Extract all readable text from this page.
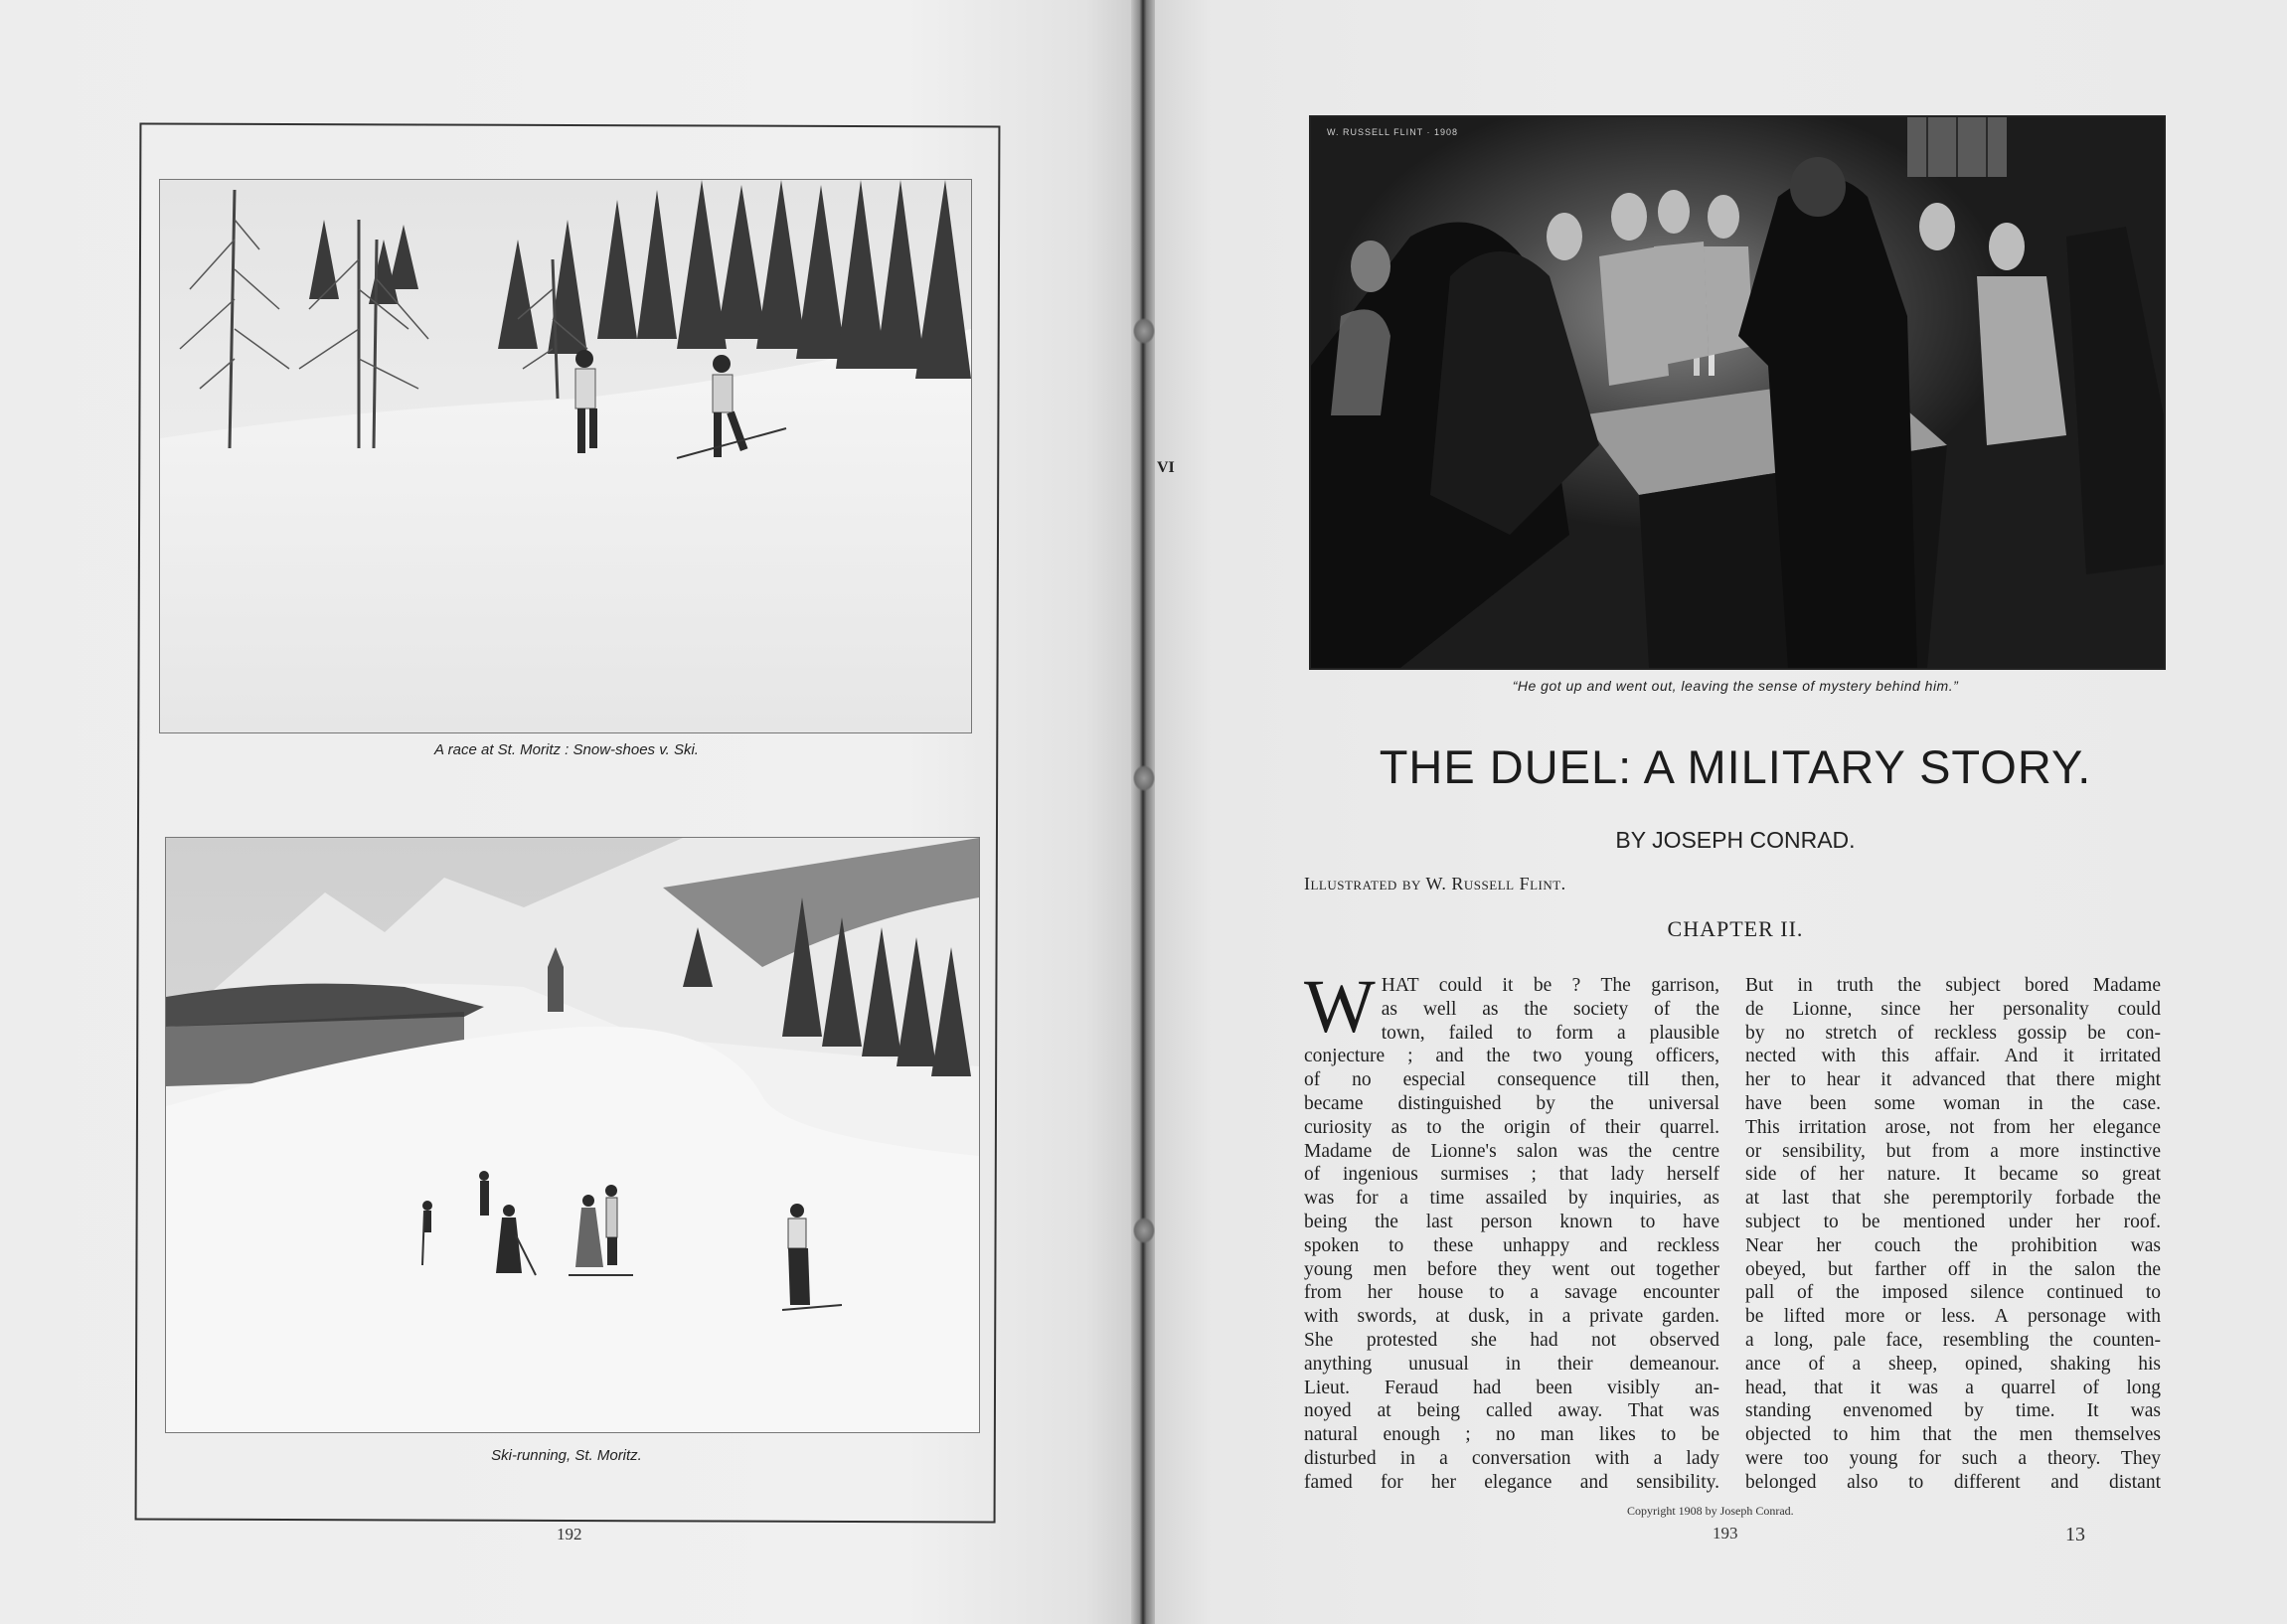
A race at St. Moritz : Snow-shoes v. Ski.
Ski-running, St. Moritz.
192
VI
W. RUSSELL FLINT · 1908
“He got up and went out, leaving the sense of mystery behind him.”
THE DUEL: A MILITARY STORY.
BY JOSEPH CONRAD.
Illustrated by W. Russell Flint.
CHAPTER II.
W HAT could it be ? The garrison,
as well as the society of the
town, failed to form a plausible
conjecture ; and the two young officers,
of no especial consequence till then,
became distinguished by the universal
curiosity as to the origin of their quarrel.
Madame de Lionne's salon was the centre
of ingenious surmises ; that lady herself
was for a time assailed by inquiries, as
being the last person known to have
spoken to these unhappy and reckless
young men before they went out together
from her house to a savage encounter
with swords, at dusk, in a private garden.
She protested she had not observed
anything unusual in their demeanour.
Lieut. Feraud had been visibly an-
noyed at being called away. That was
natural enough ; no man likes to be
disturbed in a conversation with a lady
famed for her elegance and sensibility.
But in truth the subject bored Madame
de Lionne, since her personality could
by no stretch of reckless gossip be con-
nected with this affair. And it irritated
her to hear it advanced that there might
have been some woman in the case.
This irritation arose, not from her elegance
or sensibility, but from a more instinctive
side of her nature. It became so great
at last that she peremptorily forbade the
subject to be mentioned under her roof.
Near her couch the prohibition was
obeyed, but farther off in the salon the
pall of the imposed silence continued to
be lifted more or less. A personage with
a long, pale face, resembling the counten-
ance of a sheep, opined, shaking his
head, that it was a quarrel of long
standing envenomed by time. It was
objected to him that the men themselves
were too young for such a theory. They
belonged also to different and distant
Copyright 1908 by Joseph Conrad.
193	13
